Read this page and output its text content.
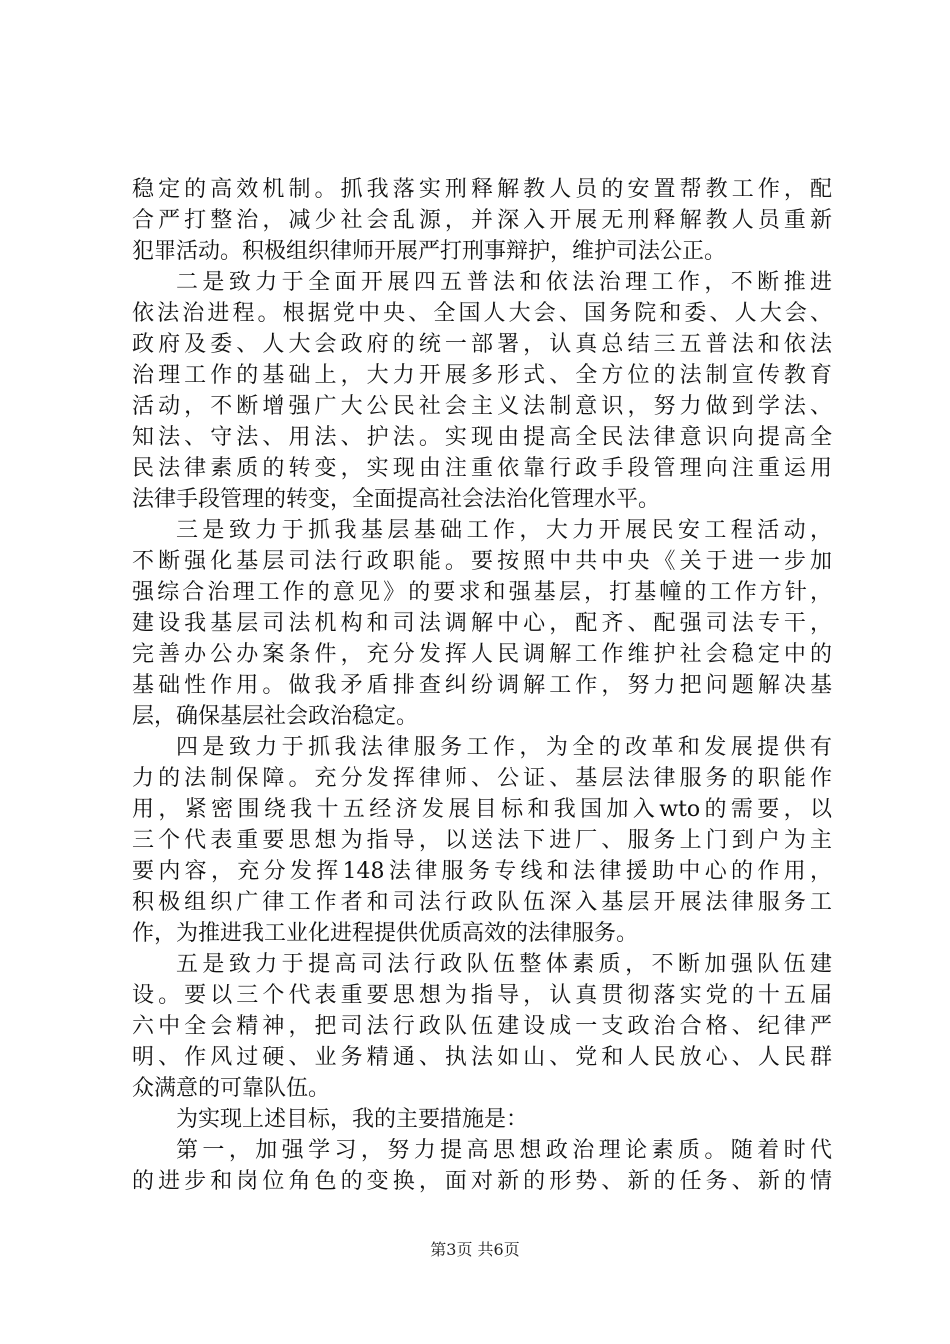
稳定的高效机制。抓我落实刑释解教人员的安置帮教工作，配
合严打整治，减少社会乱源，并深入开展无刑释解教人员重新
犯罪活动。积极组织律师开展严打刑事辩护，维护司法公正。
二是致力于全面开展四五普法和依法治理工作，不断推进
依法治进程。根据党中央、全国人大会、国务院和委、人大会、
政府及委、人大会政府的统一部署，认真总结三五普法和依法
治理工作的基础上，大力开展多形式、全方位的法制宣传教育
活动，不断增强广大公民社会主义法制意识，努力做到学法、
知法、守法、用法、护法。实现由提高全民法律意识向提高全
民法律素质的转变，实现由注重依靠行政手段管理向注重运用
法律手段管理的转变，全面提高社会法治化管理水平。
三是致力于抓我基层基础工作，大力开展民安工程活动，
不断强化基层司法行政职能。要按照中共中央《关于进一步加
强综合治理工作的意见》的要求和强基层，打基幢的工作方针，
建设我基层司法机构和司法调解中心，配齐、配强司法专干，
完善办公办案条件，充分发挥人民调解工作维护社会稳定中的
基础性作用。做我矛盾排查纠纷调解工作，努力把问题解决基
层，确保基层社会政治稳定。
四是致力于抓我法律服务工作，为全的改革和发展提供有
力的法制保障。充分发挥律师、公证、基层法律服务的职能作
用，紧密围绕我十五经济发展目标和我国加入wto的需要，以
三个代表重要思想为指导，以送法下进厂、服务上门到户为主
要内容，充分发挥148法律服务专线和法律援助中心的作用，
积极组织广律工作者和司法行政队伍深入基层开展法律服务工
作，为推进我工业化进程提供优质高效的法律服务。
五是致力于提高司法行政队伍整体素质，不断加强队伍建
设。要以三个代表重要思想为指导，认真贯彻落实党的十五届
六中全会精神，把司法行政队伍建设成一支政治合格、纪律严
明、作风过硬、业务精通、执法如山、党和人民放心、人民群
众满意的可靠队伍。
为实现上述目标，我的主要措施是：
第一，加强学习，努力提高思想政治理论素质。随着时代
的进步和岗位角色的变换，面对新的形势、新的任务、新的情
第3页 共6页
